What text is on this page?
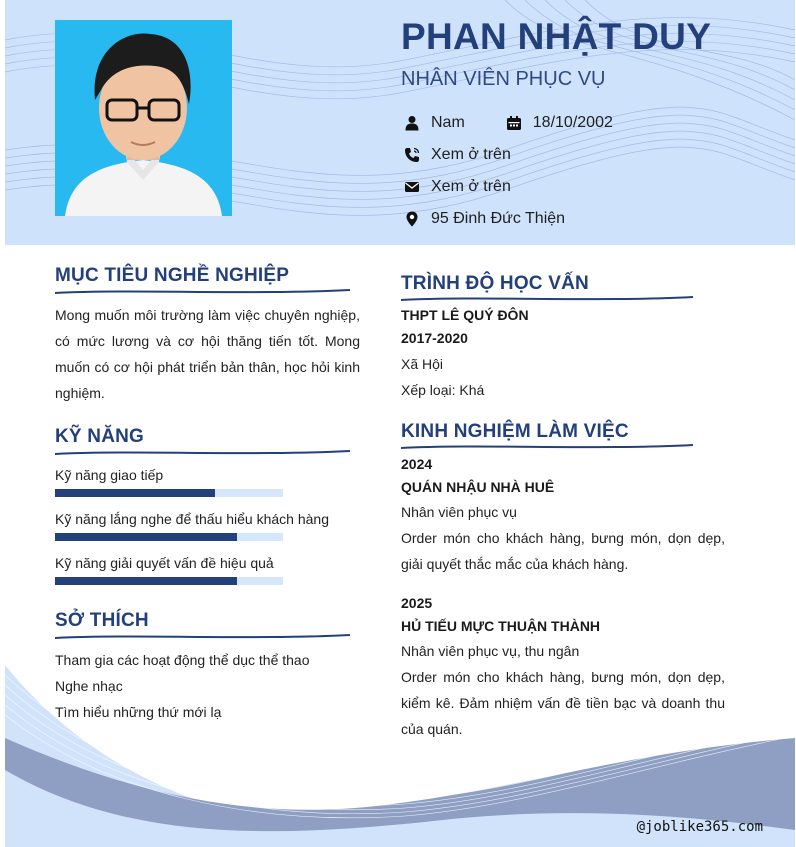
PHAN NHẬT DUY
NHÂN VIÊN PHỤC VỤ
Nam	18/10/2002
Xem ở trên
Xem ở trên
95 Đinh Đức Thiện
MỤC TIÊU NGHỀ NGHIỆP
Mong muốn môi trường làm việc chuyên nghiệp, có mức lương và cơ hội thăng tiến tốt. Mong muốn có cơ hội phát triển bản thân, học hỏi kinh nghiệm.
KỸ NĂNG
Kỹ năng giao tiếp
Kỹ năng lắng nghe để thấu hiểu khách hàng
Kỹ năng giải quyết vấn đề hiệu quả
SỞ THÍCH
Tham gia các hoạt động thể dục thể thao
Nghe nhạc
Tìm hiểu những thứ mới lạ
TRÌNH ĐỘ HỌC VẤN
THPT LÊ QUÝ ĐÔN
2017-2020
Xã Hội
Xếp loại: Khá
KINH NGHIỆM LÀM VIỆC
2024
QUÁN NHẬU NHÀ HUÊ
Nhân viên phục vụ
Order món cho khách hàng, bưng món, dọn dẹp, giải quyết thắc mắc của khách hàng.
2025
HỦ TIẾU MỰC THUẬN THÀNH
Nhân viên phục vụ, thu ngân
Order món cho khách hàng, bưng món, dọn dẹp, kiểm kê. Đảm nhiệm vấn đề tiền bạc và doanh thu của quán.
@joblike365.com
